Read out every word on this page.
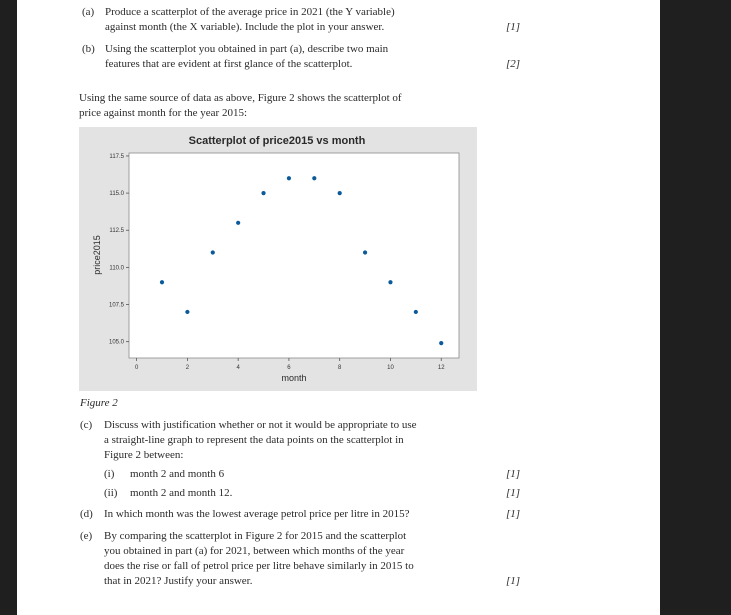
(a) Produce a scatterplot of the average price in 2021 (the Y variable)
against month (the X variable). Include the plot in your answer.	[1]
(b) Using the scatterplot you obtained in part (a), describe two main
features that are evident at first glance of the scatterplot.	[2]
Using the same source of data as above, Figure 2 shows the scatterplot of
price against month for the year 2015:
Scatterplot of price2015 vs month
0	2	4	6	8	10	12
105.0
107.5
110.0
112.5
115.0
117.5
month
price2015
Figure 2
(c) Discuss with justification whether or not it would be appropriate to use
a straight-line graph to represent the data points on the scatterplot in
Figure 2 between:
(i) month 2 and month 6	[1]
(ii) month 2 and month 12.	[1]
(d) In which month was the lowest average petrol price per litre in 2015?	[1]
(e) By comparing the scatterplot in Figure 2 for 2015 and the scatterplot
you obtained in part (a) for 2021, between which months of the year
does the rise or fall of petrol price per litre behave similarly in 2015 to
that in 2021? Justify your answer.	[1]
